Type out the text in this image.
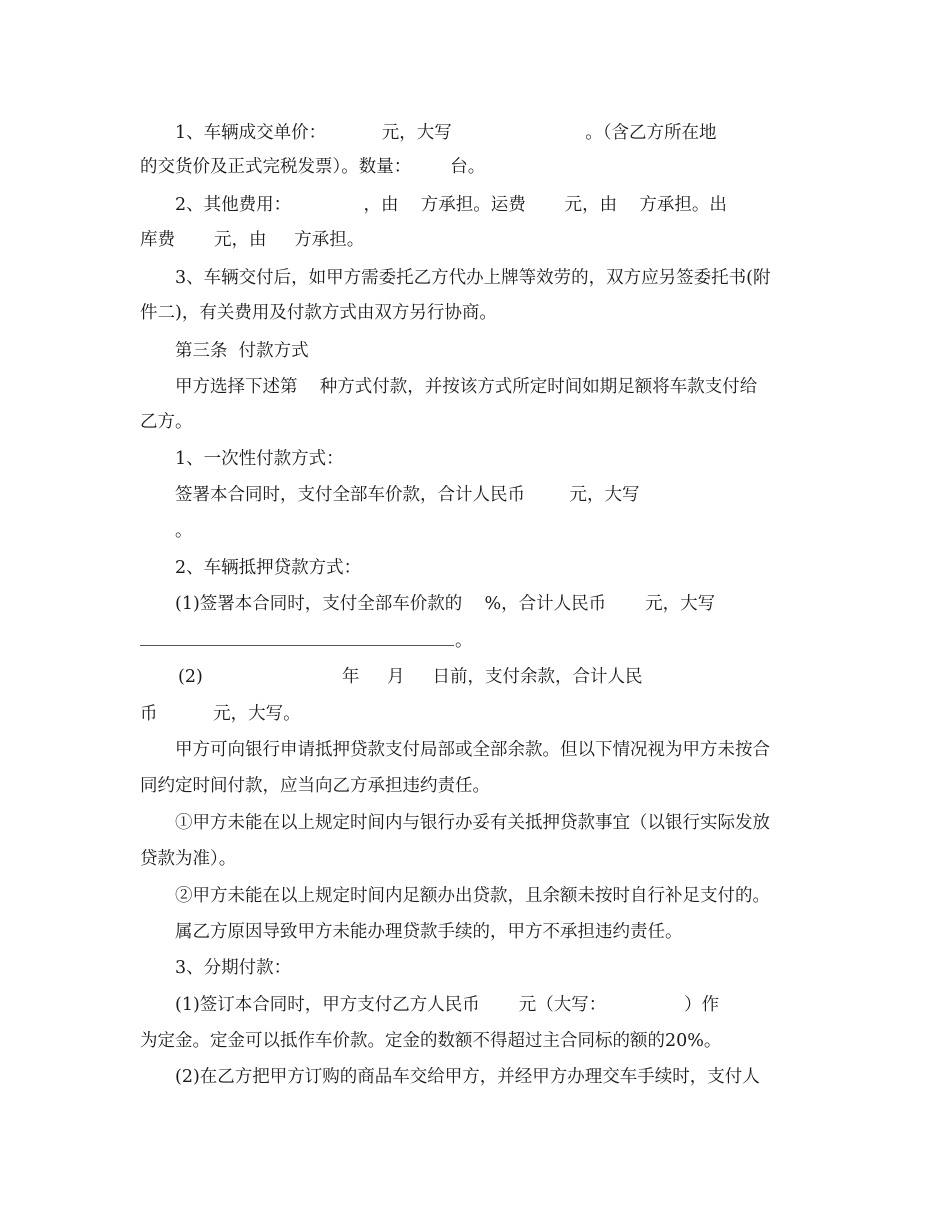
1、车辆成交单价：          元，大写                        。（含乙方所在地

的交货价及正式完税发票）。数量：       台。

2、其他费用：             ，由    方承担。运费       元，由    方承担。出

库费       元，由     方承担。

3、车辆交付后，如甲方需委托乙方代办上牌等效劳的，双方应另签委托书(附

件二)，有关费用及付款方式由双方另行协商。

第三条  付款方式

甲方选择下述第    种方式付款，并按该方式所定时间如期足额将车款支付给

乙方。

1、一次性付款方式：

签署本合同时，支付全部车价款，合计人民币        元，大写

。

2、车辆抵押贷款方式：

(1)签署本合同时，支付全部车价款的    %，合计人民币       元，大写

。

(2)                         年     月     日前，支付余款，合计人民

币          元，大写。

甲方可向银行申请抵押贷款支付局部或全部余款。但以下情况视为甲方未按合

同约定时间付款，应当向乙方承担违约责任。

①甲方未能在以上规定时间内与银行办妥有关抵押贷款事宜（以银行实际发放

贷款为准）。

②甲方未能在以上规定时间内足额办出贷款，且余额未按时自行补足支付的。

属乙方原因导致甲方未能办理贷款手续的，甲方不承担违约责任。

3、分期付款：

(1)签订本合同时，甲方支付乙方人民币       元（大写：              ）作

为定金。定金可以抵作车价款。定金的数额不得超过主合同标的额的20%。

(2)在乙方把甲方订购的商品车交给甲方，并经甲方办理交车手续时，支付人
